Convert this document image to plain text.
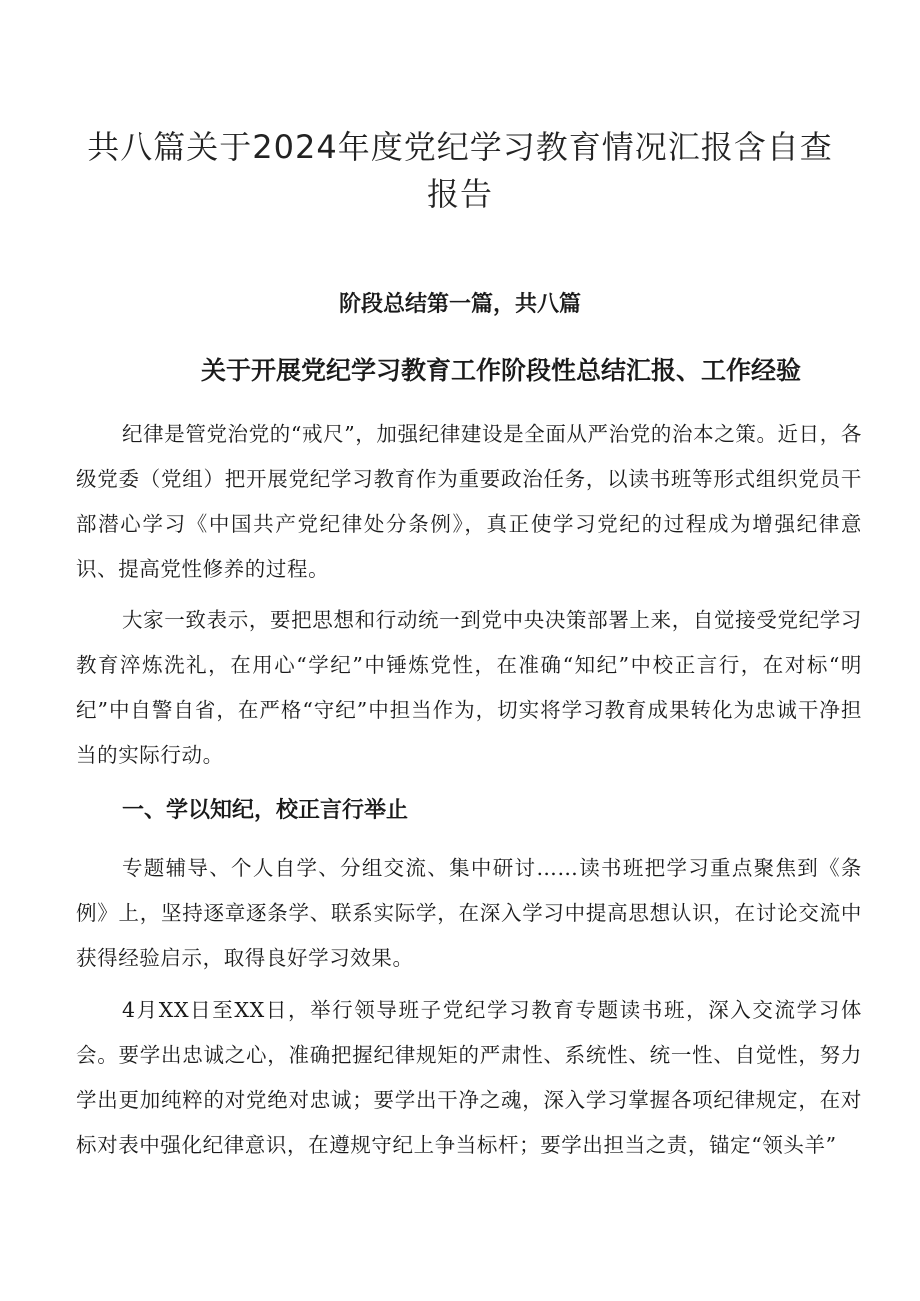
共八篇关于2024年度党纪学习教育情况汇报含自查
报告
阶段总结第一篇，共八篇
关于开展党纪学习教育工作阶段性总结汇报、工作经验

纪律是管党治党的“戒尺”，加强纪律建设是全面从严治党的治本之策。近日，各级党委（党组）把开展党纪学习教育作为重要政治任务，以读书班等形式组织党员干部潜心学习《中国共产党纪律处分条例》，真正使学习党纪的过程成为增强纪律意识、提高党性修养的过程。

大家一致表示，要把思想和行动统一到党中央决策部署上来，自觉接受党纪学习教育淬炼洗礼，在用心“学纪”中锤炼党性，在准确“知纪”中校正言行，在对标“明纪”中自警自省，在严格“守纪”中担当作为，切实将学习教育成果转化为忠诚干净担当的实际行动。

一、学以知纪，校正言行举止

专题辅导、个人自学、分组交流、集中研讨……读书班把学习重点聚焦到《条例》上，坚持逐章逐条学、联系实际学，在深入学习中提高思想认识，在讨论交流中获得经验启示，取得良好学习效果。

4月XX日至XX日，举行领导班子党纪学习教育专题读书班，深入交流学习体会。要学出忠诚之心，准确把握纪律规矩的严肃性、系统性、统一性、自觉性，努力学出更加纯粹的对党绝对忠诚；要学出干净之魂，深入学习掌握各项纪律规定，在对标对表中强化纪律意识，在遵规守纪上争当标杆；要学出担当之责，锚定“领头羊”
